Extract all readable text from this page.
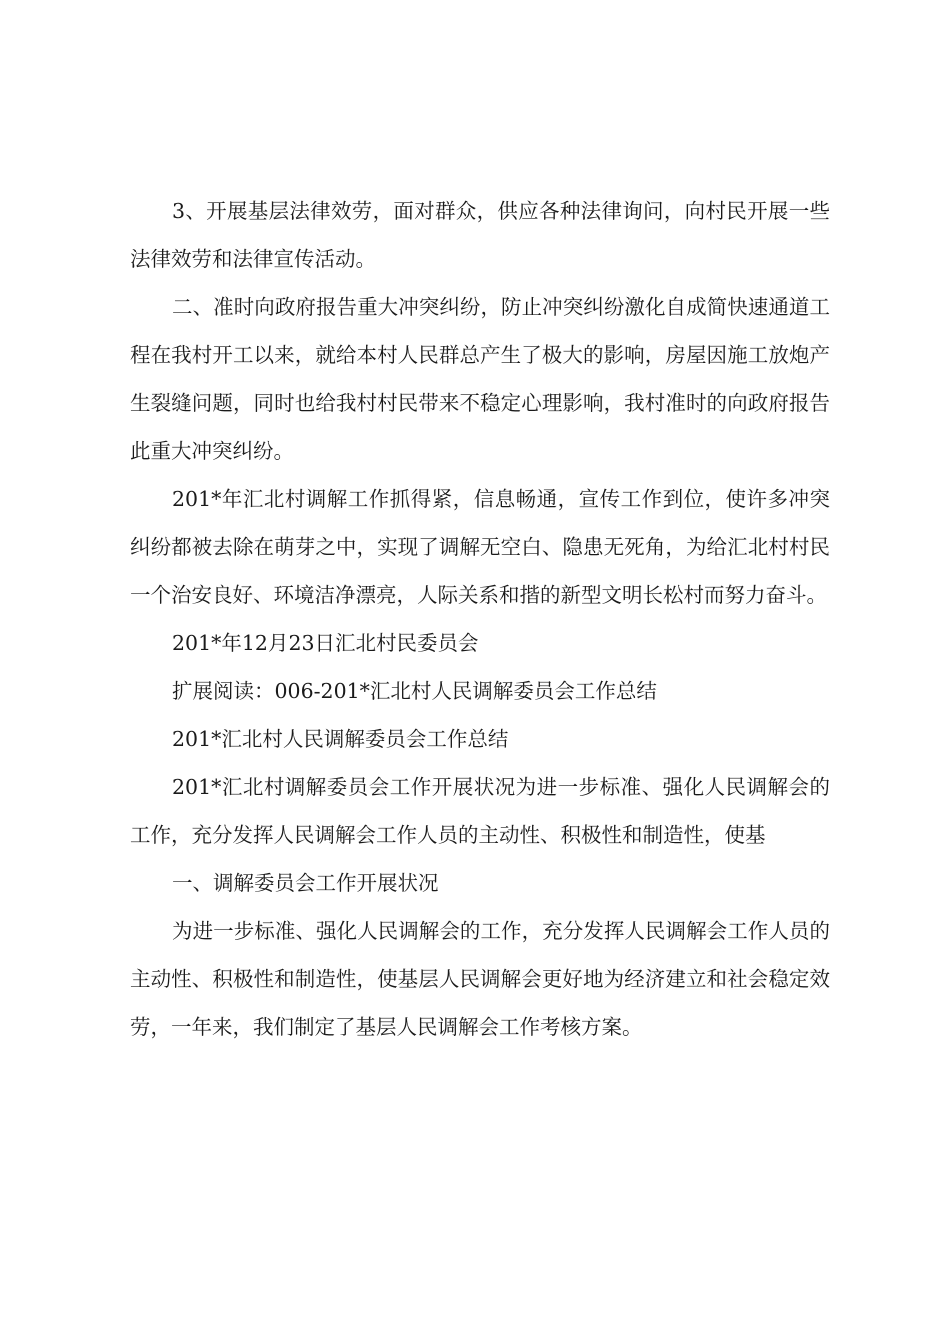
3、开展基层法律效劳，面对群众，供应各种法律询问，向村民开展一些法律效劳和法律宣传活动。

二、准时向政府报告重大冲突纠纷，防止冲突纠纷激化自成简快速通道工程在我村开工以来，就给本村人民群总产生了极大的影响，房屋因施工放炮产生裂缝问题，同时也给我村村民带来不稳定心理影响，我村准时的向政府报告此重大冲突纠纷。

201*年汇北村调解工作抓得紧，信息畅通，宣传工作到位，使许多冲突纠纷都被去除在萌芽之中，实现了调解无空白、隐患无死角，为给汇北村村民一个治安良好、环境洁净漂亮，人际关系和揩的新型文明长松村而努力奋斗。

201*年12月23日汇北村民委员会

扩展阅读：006-201*汇北村人民调解委员会工作总结

201*汇北村人民调解委员会工作总结

201*汇北村调解委员会工作开展状况为进一步标准、强化人民调解会的工作，充分发挥人民调解会工作人员的主动性、积极性和制造性，使基

一、调解委员会工作开展状况

为进一步标准、强化人民调解会的工作，充分发挥人民调解会工作人员的主动性、积极性和制造性，使基层人民调解会更好地为经济建立和社会稳定效劳，一年来，我们制定了基层人民调解会工作考核方案。
